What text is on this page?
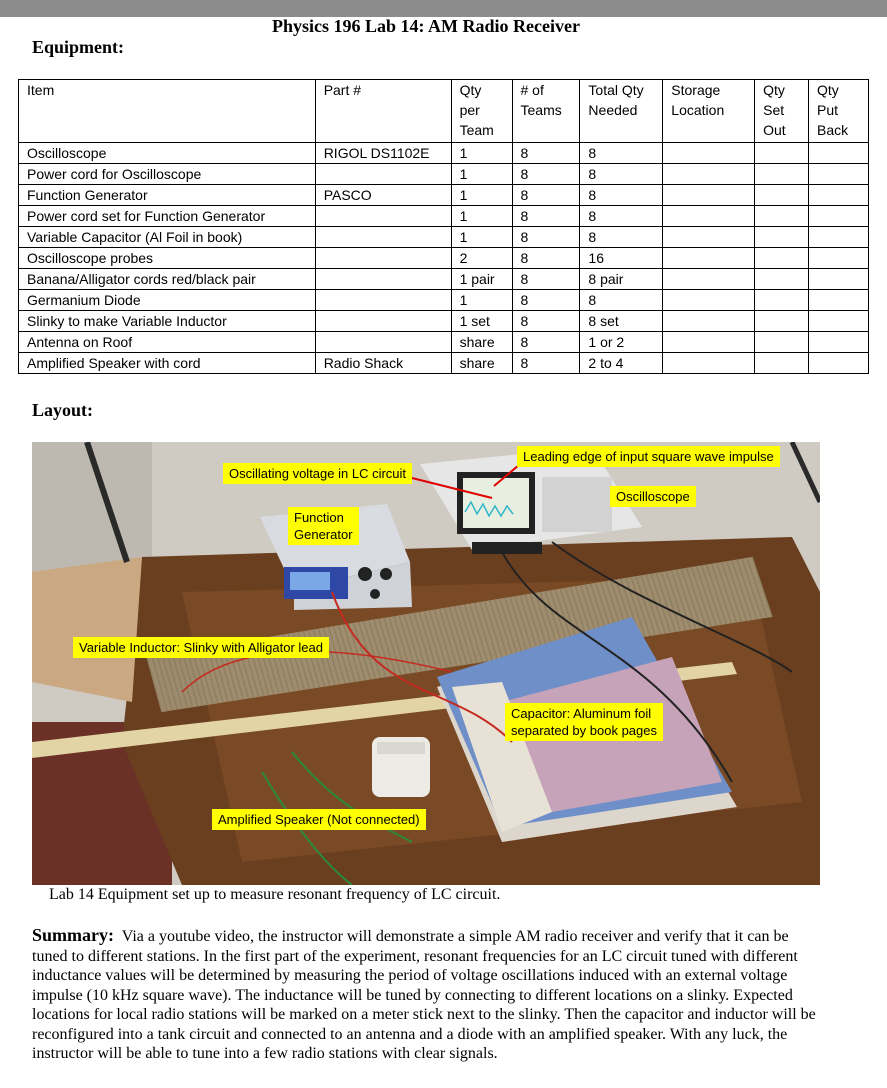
Physics 196 Lab 14: AM Radio Receiver
Equipment:
Item	Part #	Qty per Team	# of Teams	Total Qty Needed	Storage Location	Qty Set Out	Qty Put Back
Oscilloscope	RIGOL DS1102E	1	8	8			
Power cord for Oscilloscope		1	8	8			
Function Generator	PASCO	1	8	8			
Power cord set for Function Generator		1	8	8			
Variable Capacitor (Al Foil in book)		1	8	8			
Oscilloscope probes		2	8	16			
Banana/Alligator cords red/black pair		1 pair	8	8 pair			
Germanium Diode		1	8	8			
Slinky to make Variable Inductor		1 set	8	8 set			
Antenna on Roof		share	8	1 or 2			
Amplified Speaker with cord	Radio Shack	share	8	2 to 4			
Layout:
Oscillating voltage in LC circuit
Leading edge of input square wave impulse
Oscilloscope
Function
Generator
Variable Inductor: Slinky with Alligator lead
Capacitor: Aluminum foil
separated by book pages
Amplified Speaker (Not connected)
Lab 14 Equipment set up to measure resonant frequency of LC circuit.
Summary: Via a youtube video, the instructor will demonstrate a simple AM radio receiver and verify that it can be tuned to different stations. In the first part of the experiment, resonant frequencies for an LC circuit tuned with different inductance values will be determined by measuring the period of voltage oscillations induced with an external voltage impulse (10 kHz square wave). The inductance will be tuned by connecting to different locations on a slinky. Expected locations for local radio stations will be marked on a meter stick next to the slinky. Then the capacitor and inductor will be reconfigured into a tank circuit and connected to an antenna and a diode with an amplified speaker. With any luck, the instructor will be able to tune into a few radio stations with clear signals.
